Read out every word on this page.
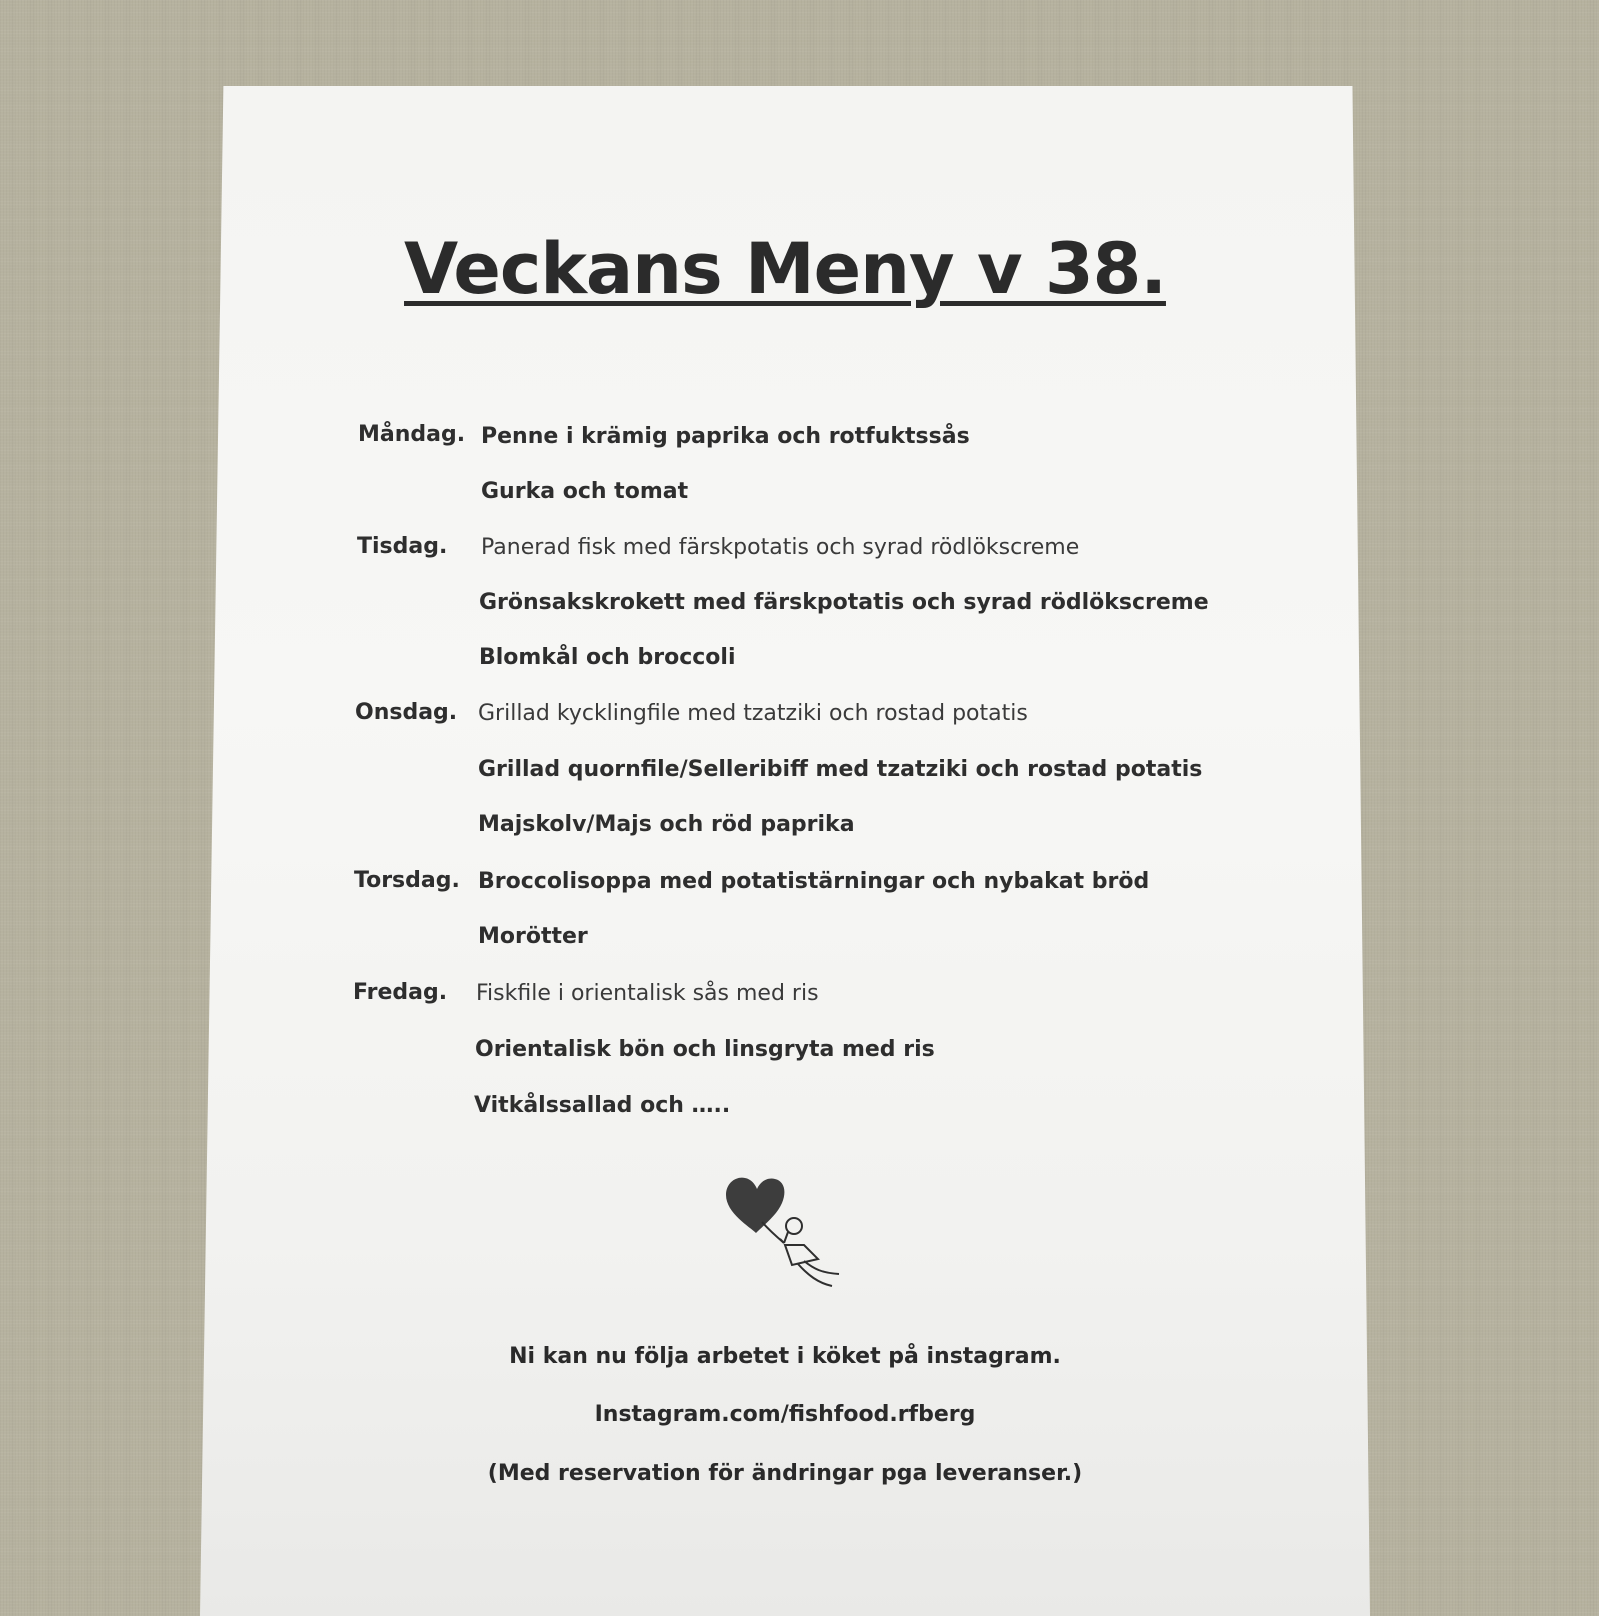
Veckans Meny v 38.
Måndag. Penne i krämig paprika och rotfuktssås
Gurka och tomat
Tisdag. Panerad fisk med färskpotatis och syrad rödlökscreme
Grönsakskrokett med färskpotatis och syrad rödlökscreme
Blomkål och broccoli
Onsdag. Grillad kycklingfile med tzatziki och rostad potatis
Grillad quornfile/Selleribiff med tzatziki och rostad potatis
Majskolv/Majs och röd paprika
Torsdag. Broccolisoppa med potatistärningar och nybakat bröd
Morötter
Fredag. Fiskfile i orientalisk sås med ris
Orientalisk bön och linsgryta med ris
Vitkålssallad och …..
Ni kan nu följa arbetet i köket på instagram.
Instagram.com/fishfood.rfberg
(Med reservation för ändringar pga leveranser.)
